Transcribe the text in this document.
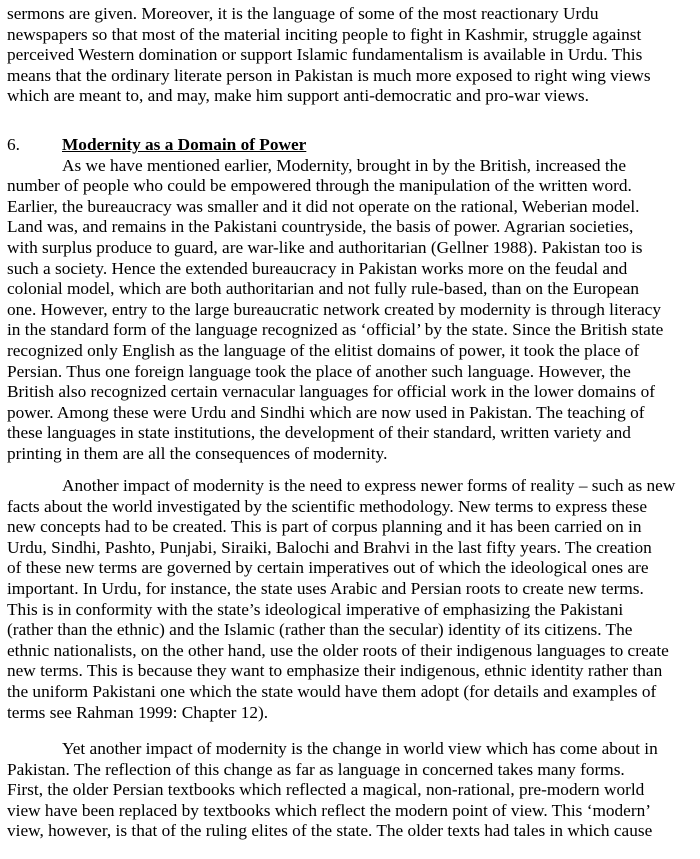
sermons are given. Moreover, it is the language of some of the most reactionary Urdu
newspapers so that most of the material inciting people to fight in Kashmir, struggle against
perceived Western domination or support Islamic fundamentalism is available in Urdu. This
means that the ordinary literate person in Pakistan is much more exposed to right wing views
which are meant to, and may, make him support anti-democratic and pro-war views.
6. Modernity as a Domain of Power
As we have mentioned earlier, Modernity, brought in by the British, increased the
number of people who could be empowered through the manipulation of the written word.
Earlier, the bureaucracy was smaller and it did not operate on the rational, Weberian model.
Land was, and remains in the Pakistani countryside, the basis of power. Agrarian societies,
with surplus produce to guard, are war-like and authoritarian (Gellner 1988). Pakistan too is
such a society. Hence the extended bureaucracy in Pakistan works more on the feudal and
colonial model, which are both authoritarian and not fully rule-based, than on the European
one. However, entry to the large bureaucratic network created by modernity is through literacy
in the standard form of the language recognized as ‘official’ by the state. Since the British state
recognized only English as the language of the elitist domains of power, it took the place of
Persian. Thus one foreign language took the place of another such language. However, the
British also recognized certain vernacular languages for official work in the lower domains of
power. Among these were Urdu and Sindhi which are now used in Pakistan. The teaching of
these languages in state institutions, the development of their standard, written variety and
printing in them are all the consequences of modernity.
Another impact of modernity is the need to express newer forms of reality – such as new
facts about the world investigated by the scientific methodology. New terms to express these
new concepts had to be created. This is part of corpus planning and it has been carried on in
Urdu, Sindhi, Pashto, Punjabi, Siraiki, Balochi and Brahvi in the last fifty years. The creation
of these new terms are governed by certain imperatives out of which the ideological ones are
important. In Urdu, for instance, the state uses Arabic and Persian roots to create new terms.
This is in conformity with the state’s ideological imperative of emphasizing the Pakistani
(rather than the ethnic) and the Islamic (rather than the secular) identity of its citizens. The
ethnic nationalists, on the other hand, use the older roots of their indigenous languages to create
new terms. This is because they want to emphasize their indigenous, ethnic identity rather than
the uniform Pakistani one which the state would have them adopt (for details and examples of
terms see Rahman 1999: Chapter 12).
Yet another impact of modernity is the change in world view which has come about in
Pakistan. The reflection of this change as far as language in concerned takes many forms.
First, the older Persian textbooks which reflected a magical, non-rational, pre-modern world
view have been replaced by textbooks which reflect the modern point of view. This ‘modern’
view, however, is that of the ruling elites of the state. The older texts had tales in which cause
